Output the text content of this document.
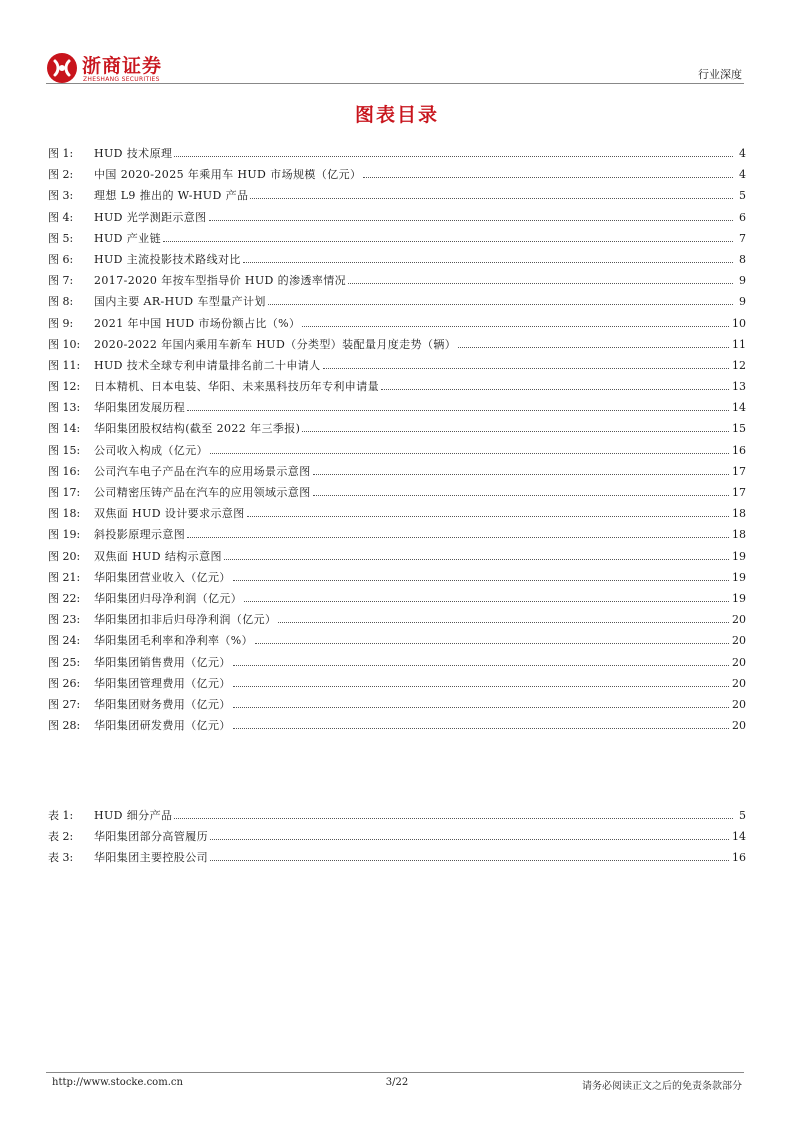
浙商证券
ZHESHANG SECURITIES	行业深度
图表目录
图 1:	HUD 技术原理	4
图 2:	中国 2020-2025 年乘用车 HUD 市场规模（亿元）	4
图 3:	理想 L9 推出的 W-HUD 产品	5
图 4:	HUD 光学测距示意图	6
图 5:	HUD 产业链	7
图 6:	HUD 主流投影技术路线对比	8
图 7:	2017-2020 年按车型指导价 HUD 的渗透率情况	9
图 8:	国内主要 AR-HUD 车型量产计划	9
图 9:	2021 年中国 HUD 市场份额占比（%）	10
图 10:	2020-2022 年国内乘用车新车 HUD（分类型）装配量月度走势（辆）	11
图 11:	HUD 技术全球专利申请量排名前二十申请人	12
图 12:	日本精机、日本电装、华阳、未来黑科技历年专利申请量	13
图 13:	华阳集团发展历程	14
图 14:	华阳集团股权结构(截至 2022 年三季报)	15
图 15:	公司收入构成（亿元）	16
图 16:	公司汽车电子产品在汽车的应用场景示意图	17
图 17:	公司精密压铸产品在汽车的应用领域示意图	17
图 18:	双焦面 HUD 设计要求示意图	18
图 19:	斜投影原理示意图	18
图 20:	双焦面 HUD 结构示意图	19
图 21:	华阳集团营业收入（亿元）	19
图 22:	华阳集团归母净利润（亿元）	19
图 23:	华阳集团扣非后归母净利润（亿元）	20
图 24:	华阳集团毛利率和净利率（%）	20
图 25:	华阳集团销售费用（亿元）	20
图 26:	华阳集团管理费用（亿元）	20
图 27:	华阳集团财务费用（亿元）	20
图 28:	华阳集团研发费用（亿元）	20
表 1:	HUD 细分产品	5
表 2:	华阳集团部分高管履历	14
表 3:	华阳集团主要控股公司	16
http://www.stocke.com.cn	3/22	请务必阅读正文之后的免责条款部分
